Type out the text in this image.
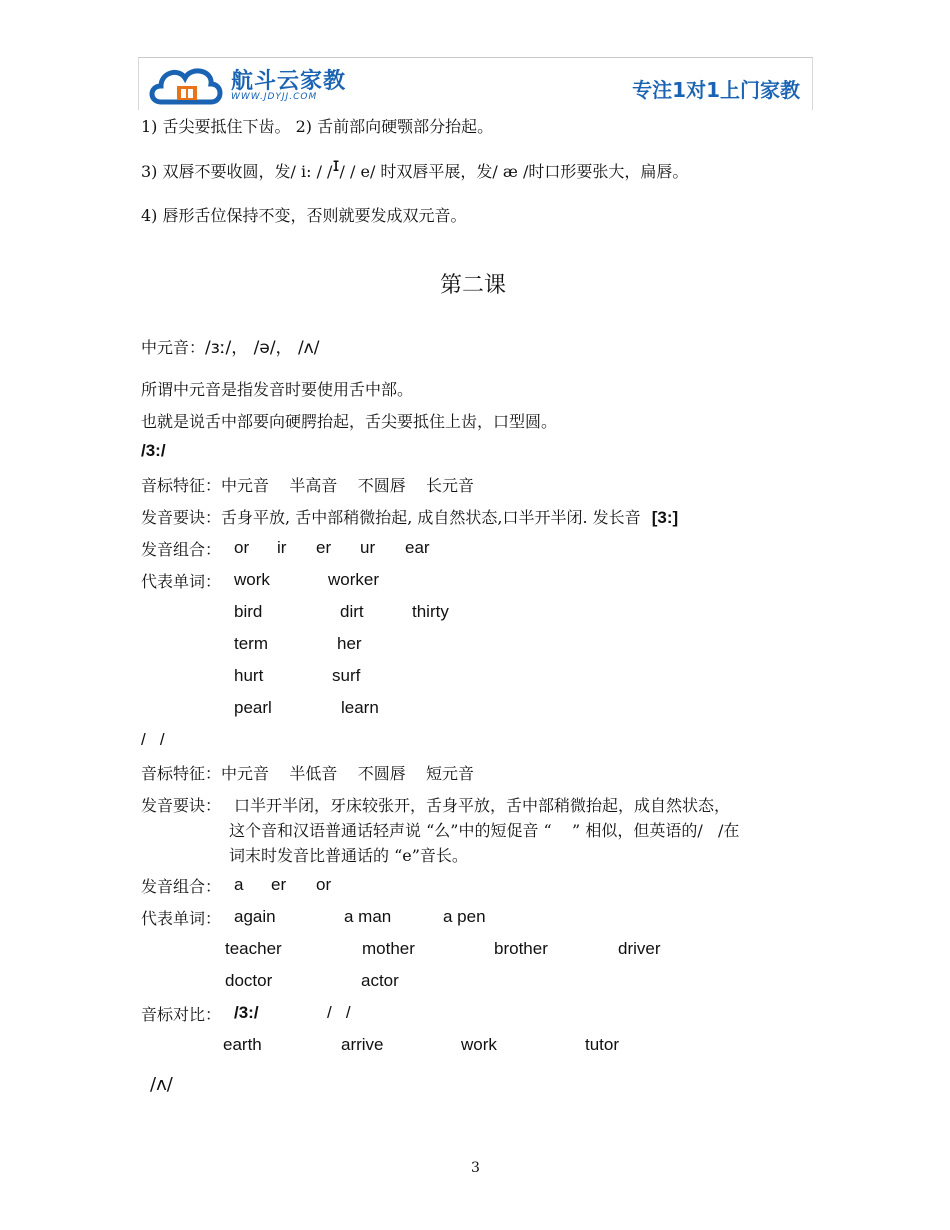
航斗云家教
WWW.JDYJJ.COM	专注1对1上门家教
1) 舌尖要抵住下齿。 2) 舌前部向硬颚部分抬起。
3) 双唇不要收圆，发/ i: / /ɪ/ / e/ 时双唇平展，发/ æ /时口形要张大，扁唇。
4) 唇形舌位保持不变，否则就要发成双元音。
第二课
中元音：/ɜː/， /ə/， /ʌ/
所谓中元音是指发音时要使用舌中部。
也就是说舌中部要向硬腭抬起，舌尖要抵住上齿，口型圆。
/3:/
音标特征：中元音    半高音    不圆唇    长元音
发音要诀：舌身平放, 舌中部稍微抬起, 成自然状态,口半开半闭. 发长音 [3:]
发音组合： or ir er ur ear
代表单词： work	worker
bird	dirt	thirty
term	her
hurt	surf
pearl	learn
/   /
音标特征：中元音    半低音    不圆唇    短元音
发音要诀： 口半开半闭，牙床较张开，舌身平放，舌中部稍微抬起，成自然状态，
这个音和汉语普通话轻声说 “么”中的短促音 “    ” 相似，但英语的/   /在
词末时发音比普通话的 “e”音长。
发音组合： a er or
代表单词： again	a man	a pen
teacher	mother	brother	driver
doctor	actor
音标对比： /3:/	/   /
earth	arrive	work	tutor
/ʌ/
3
